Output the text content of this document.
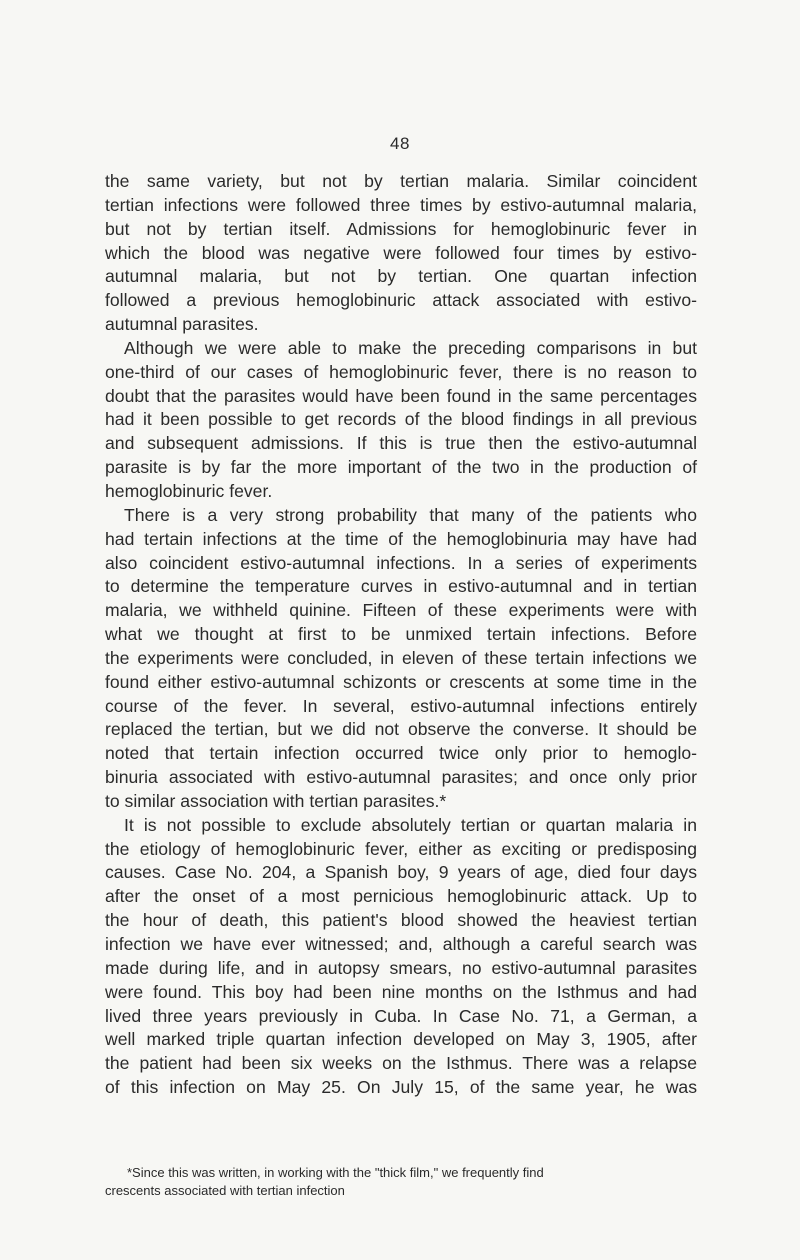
48

the same variety, but not by tertian malaria. Similar coincident
tertian infections were followed three times by estivo-autumnal malaria,
but not by tertian itself. Admissions for hemoglobinuric fever in
which the blood was negative were followed four times by estivo-
autumnal malaria, but not by tertian. One quartan infection
followed a previous hemoglobinuric attack associated with estivo-
autumnal parasites.

Although we were able to make the preceding comparisons in but
one-third of our cases of hemoglobinuric fever, there is no reason to
doubt that the parasites would have been found in the same percentages
had it been possible to get records of the blood findings in all previous
and subsequent admissions. If this is true then the estivo-autumnal
parasite is by far the more important of the two in the production of
hemoglobinuric fever.

There is a very strong probability that many of the patients who
had tertain infections at the time of the hemoglobinuria may have had
also coincident estivo-autumnal infections. In a series of experiments
to determine the temperature curves in estivo-autumnal and in tertian
malaria, we withheld quinine. Fifteen of these experiments were with
what we thought at first to be unmixed tertain infections. Before
the experiments were concluded, in eleven of these tertain infections we
found either estivo-autumnal schizonts or crescents at some time in the
course of the fever. In several, estivo-autumnal infections entirely
replaced the tertian, but we did not observe the converse. It should be
noted that tertain infection occurred twice only prior to hemoglo-
binuria associated with estivo-autumnal parasites; and once only prior
to similar association with tertian parasites.*

It is not possible to exclude absolutely tertian or quartan malaria in
the etiology of hemoglobinuric fever, either as exciting or predisposing
causes. Case No. 204, a Spanish boy, 9 years of age, died four days
after the onset of a most pernicious hemoglobinuric attack. Up to
the hour of death, this patient's blood showed the heaviest tertian
infection we have ever witnessed; and, although a careful search was
made during life, and in autopsy smears, no estivo-autumnal parasites
were found. This boy had been nine months on the Isthmus and had
lived three years previously in Cuba. In Case No. 71, a German, a
well marked triple quartan infection developed on May 3, 1905, after
the patient had been six weeks on the Isthmus. There was a relapse
of this infection on May 25. On July 15, of the same year, he was

*Since this was written, in working with the "thick film," we frequently find
crescents associated with tertian infection
